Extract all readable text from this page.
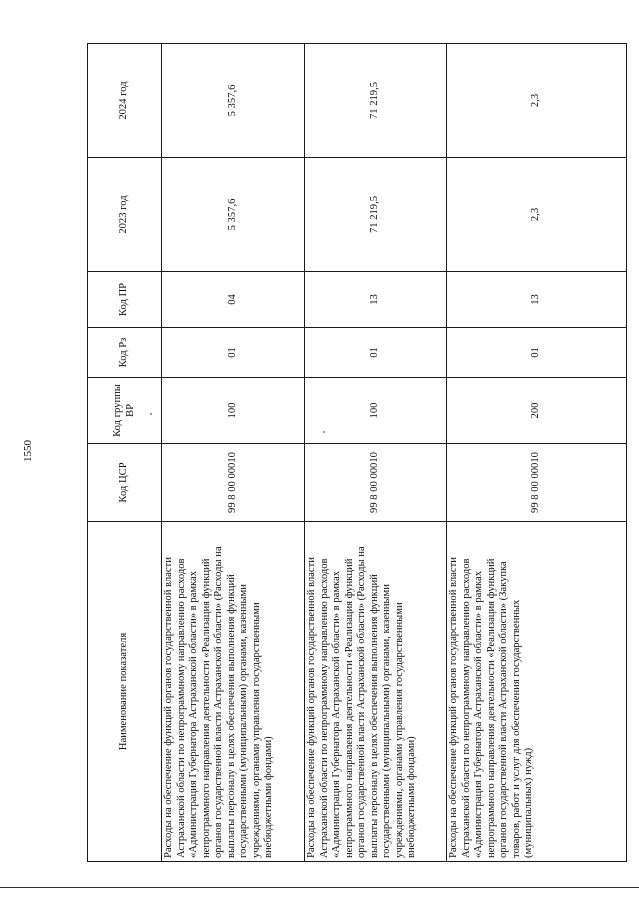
1550
Наименование показателя	Код ЦСР	Код группы ВР	Код Рз	Код ПР	2023 год	2024 год
Расходы на обеспечение функций органов государственной власти Астраханской области по непрограммному направлению расходов «Администрация Губернатора Астраханской области» в рамках непрограммного направления деятельности «Реализация функций органов государственной власти Астраханской области» (Расходы на выплаты персоналу в целях обеспечения выполнения функций государственными (муниципальными) органами, казенными учреждениями, органами управления государственными внебюджетными фондами)	99 8 00 00010	100	01	04	5 357,6	5 357,6
Расходы на обеспечение функций органов государственной власти Астраханской области по непрограммному направлению расходов «Администрация Губернатора Астраханской области» в рамках непрограммного направления деятельности «Реализация функций органов государственной власти Астраханской области» (Расходы на выплаты персоналу в целях обеспечения выполнения функций государственными (муниципальными) органами, казенными учреждениями, органами управления государственными внебюджетными фондами)	99 8 00 00010	100	01	13	71 219,5	71 219,5
Расходы на обеспечение функций органов государственной власти Астраханской области по непрограммному направлению расходов «Администрация Губернатора Астраханской области» в рамках непрограммного направления деятельности «Реализация функций органов государственной власти Астраханской области» (Закупка товаров, работ и услуг для обеспечения государственных (муниципальных) нужд)	99 8 00 00010	200	01	13	2,3	2,3
